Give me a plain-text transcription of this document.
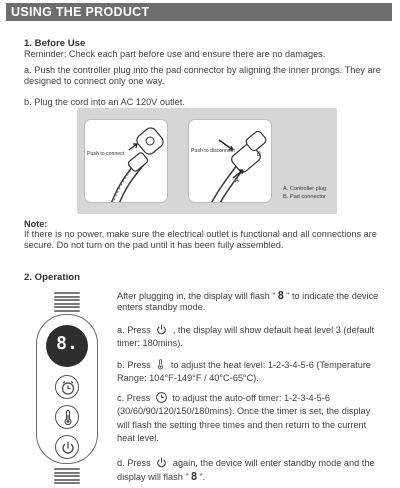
USING THE PRODUCT
1. Before Use
Reminder: Check each part before use and ensure there are no damages.
a. Push the controller plug into the pad connector by aligning the inner prongs. They are designed to connect only one way.
b. Plug the cord into an AC 120V outlet.
Push to connect
A
B
Push to disconnect
A. Controller plug
B. Pad connector
Note:
If there is no power, make sure the electrical outlet is functional and all connections are secure. Do not turn on the pad until it has been fully assembled.
2. Operation
8.
After plugging in, the display will flash " 8 " to indicate the device enters standby mode.
a. Press , the display will show default heat level 3 (default timer: 180mins).
b. Press to adjust the heat level: 1-2-3-4-5-6 (Temperature Range: 104°F-149°F / 40°C-65°C).
c. Press to adjust the auto-off timer: 1-2-3-4-5-6 (30/60/90/120/150/180mins). Once the timer is set, the display will flash the setting three times and then return to the current heat level.
d. Press again, the device will enter standby mode and the display will flash " 8 ".
